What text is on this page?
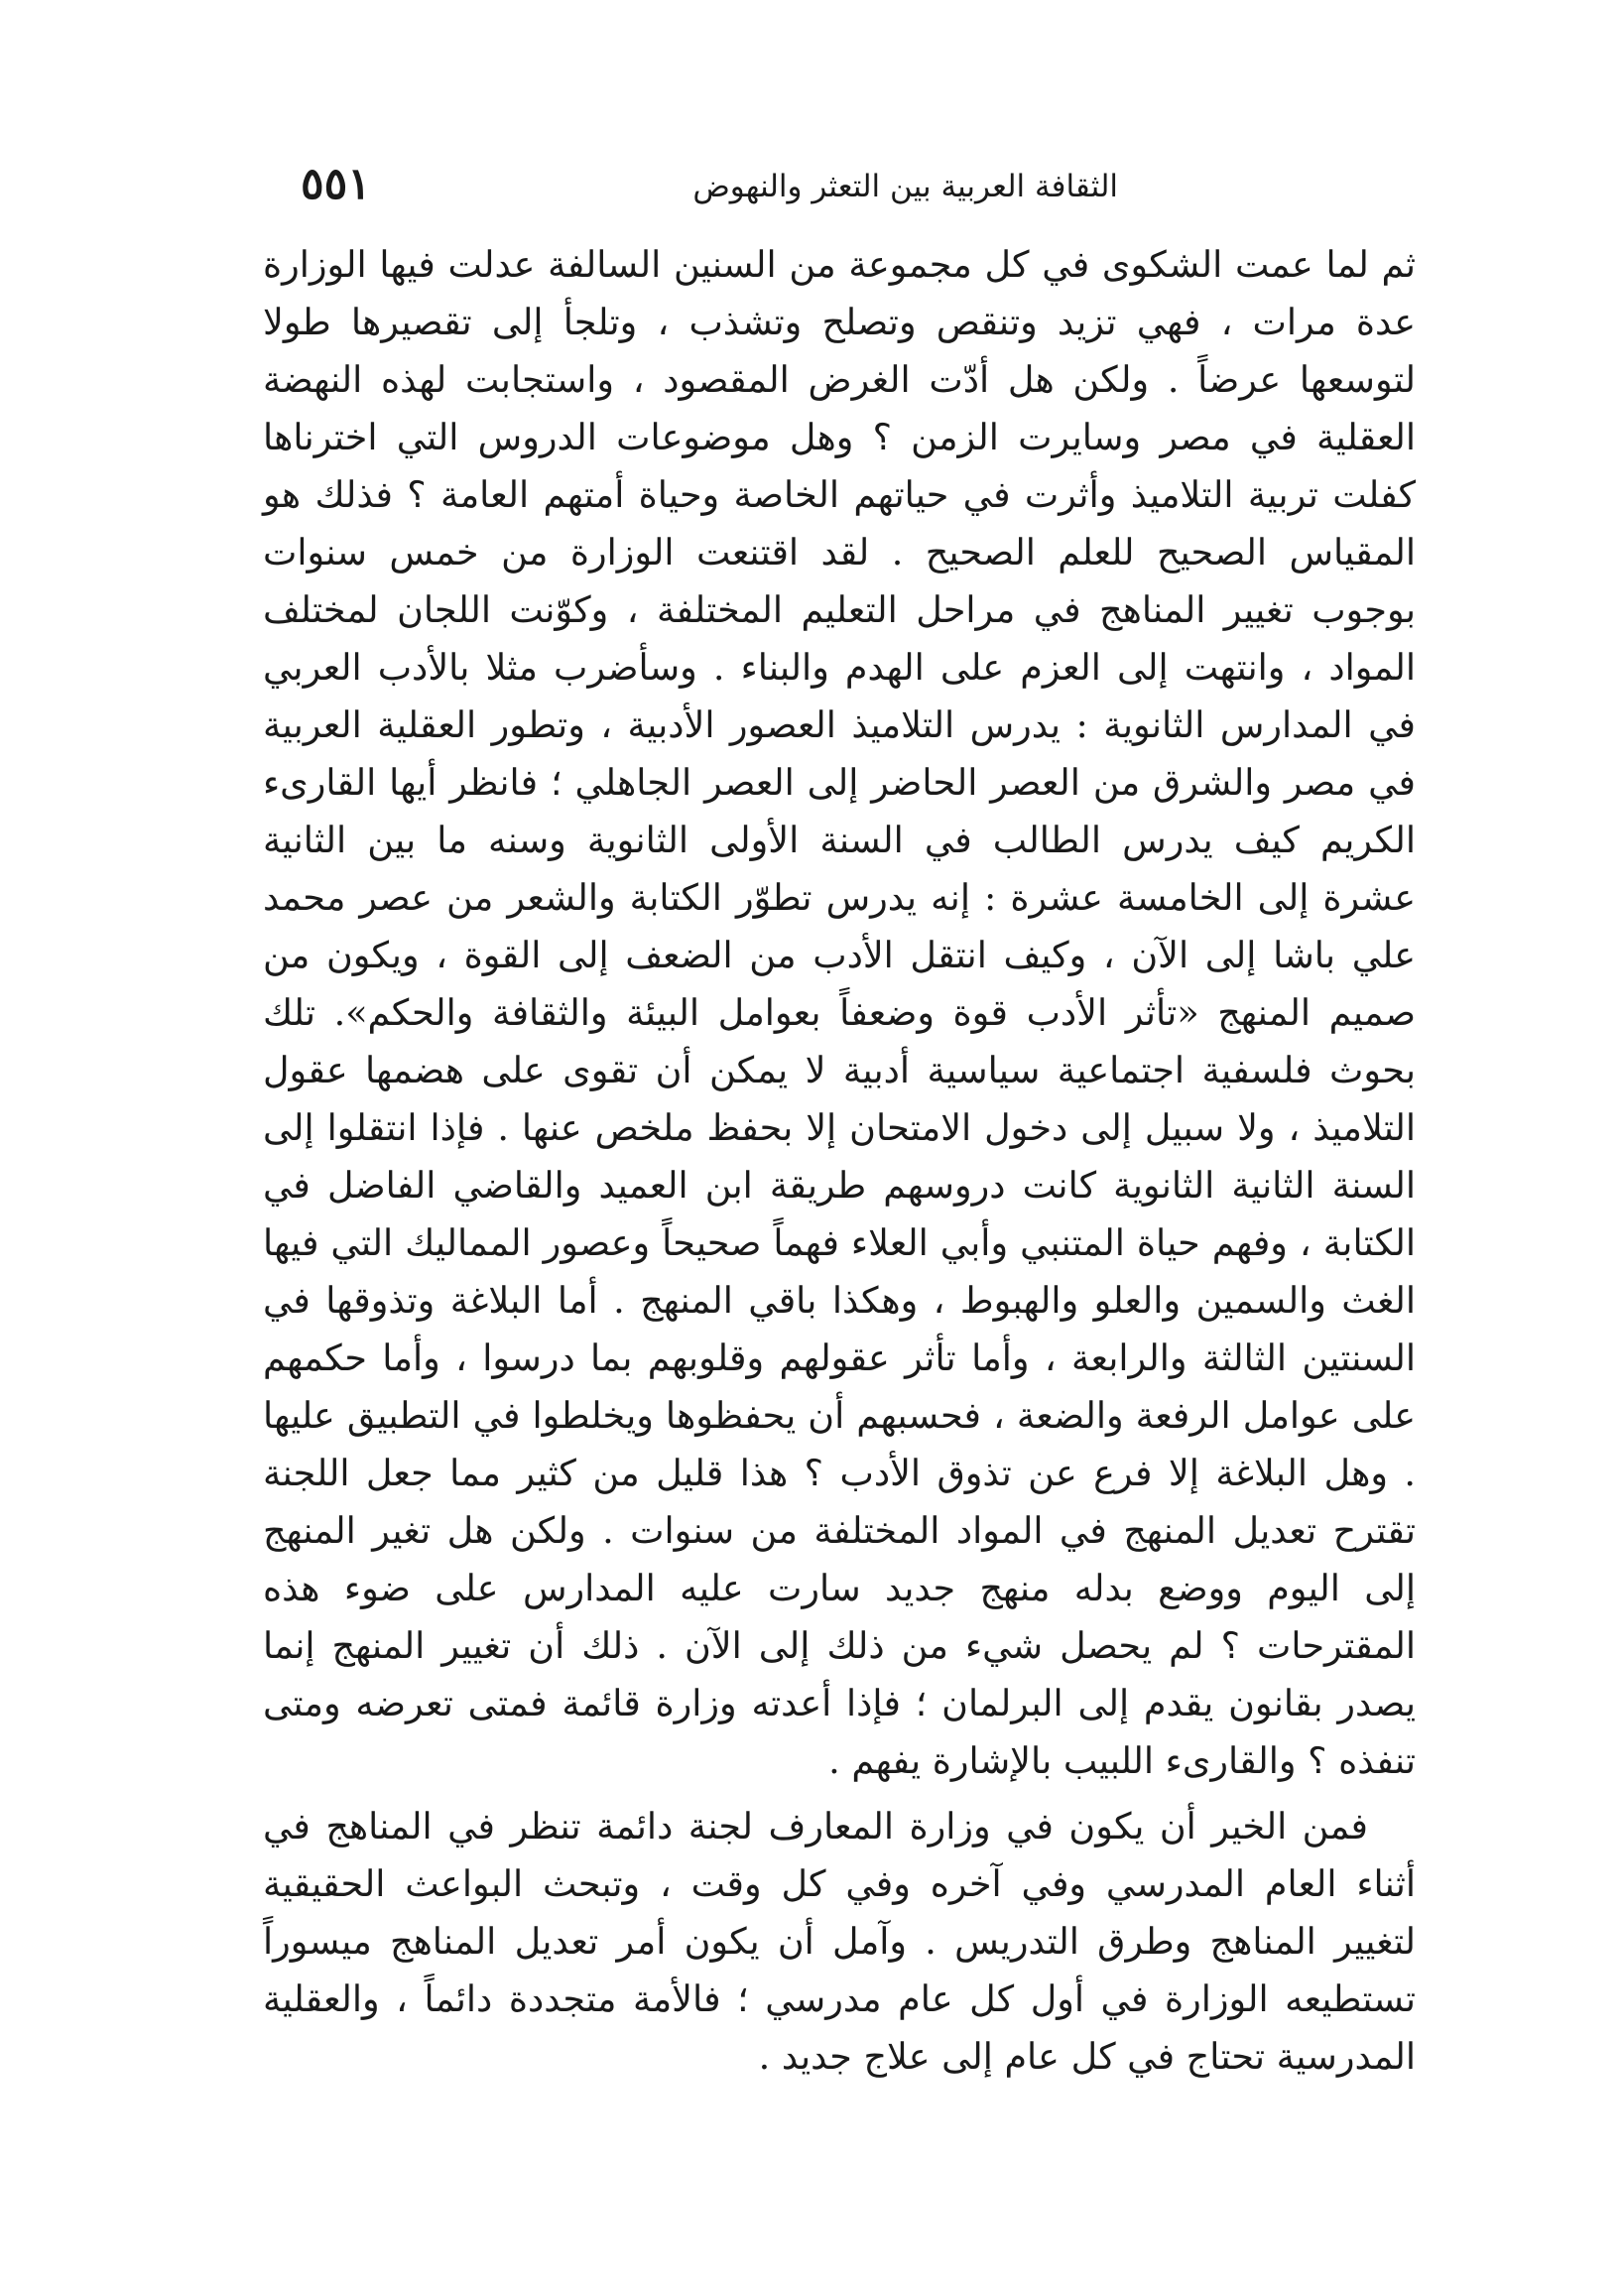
الثقافة العربية بين التعثر والنهوض
٥٥١

ثم لما عمت الشكوى في كل مجموعة من السنين السالفة عدلت فيها الوزارة عدة مرات ، فهي تزيد وتنقص وتصلح وتشذب ، وتلجأ إلى تقصيرها طولا لتوسعها عرضاً . ولكن هل أدّت الغرض المقصود ، واستجابت لهذه النهضة العقلية في مصر وسايرت الزمن ؟ وهل موضوعات الدروس التي اخترناها كفلت تربية التلاميذ وأثرت في حياتهم الخاصة وحياة أمتهم العامة ؟ فذلك هو المقياس الصحيح للعلم الصحيح . لقد اقتنعت الوزارة من خمس سنوات بوجوب تغيير المناهج في مراحل التعليم المختلفة ، وكوّنت اللجان لمختلف المواد ، وانتهت إلى العزم على الهدم والبناء . وسأضرب مثلا بالأدب العربي في المدارس الثانوية : يدرس التلاميذ العصور الأدبية ، وتطور العقلية العربية في مصر والشرق من العصر الحاضر إلى العصر الجاهلي ؛ فانظر أيها القارىء الكريم كيف يدرس الطالب في السنة الأولى الثانوية وسنه ما بين الثانية عشرة إلى الخامسة عشرة : إنه يدرس تطوّر الكتابة والشعر من عصر محمد علي باشا إلى الآن ، وكيف انتقل الأدب من الضعف إلى القوة ، ويكون من صميم المنهج «تأثر الأدب قوة وضعفاً بعوامل البيئة والثقافة والحكم». تلك بحوث فلسفية اجتماعية سياسية أدبية لا يمكن أن تقوى على هضمها عقول التلاميذ ، ولا سبيل إلى دخول الامتحان إلا بحفظ ملخص عنها . فإذا انتقلوا إلى السنة الثانية الثانوية كانت دروسهم طريقة ابن العميد والقاضي الفاضل في الكتابة ، وفهم حياة المتنبي وأبي العلاء فهماً صحيحاً وعصور المماليك التي فيها الغث والسمين والعلو والهبوط ، وهكذا باقي المنهج . أما البلاغة وتذوقها في السنتين الثالثة والرابعة ، وأما تأثر عقولهم وقلوبهم بما درسوا ، وأما حكمهم على عوامل الرفعة والضعة ، فحسبهم أن يحفظوها ويخلطوا في التطبيق عليها . وهل البلاغة إلا فرع عن تذوق الأدب ؟ هذا قليل من كثير مما جعل اللجنة تقترح تعديل المنهج في المواد المختلفة من سنوات . ولكن هل تغير المنهج إلى اليوم ووضع بدله منهج جديد سارت عليه المدارس على ضوء هذه المقترحات ؟ لم يحصل شيء من ذلك إلى الآن . ذلك أن تغيير المنهج إنما يصدر بقانون يقدم إلى البرلمان ؛ فإذا أعدته وزارة قائمة فمتى تعرضه ومتى تنفذه ؟ والقارىء اللبيب بالإشارة يفهم .

فمن الخير أن يكون في وزارة المعارف لجنة دائمة تنظر في المناهج في أثناء العام المدرسي وفي آخره وفي كل وقت ، وتبحث البواعث الحقيقية لتغيير المناهج وطرق التدريس . وآمل أن يكون أمر تعديل المناهج ميسوراً تستطيعه الوزارة في أول كل عام مدرسي ؛ فالأمة متجددة دائماً ، والعقلية المدرسية تحتاج في كل عام إلى علاج جديد .
